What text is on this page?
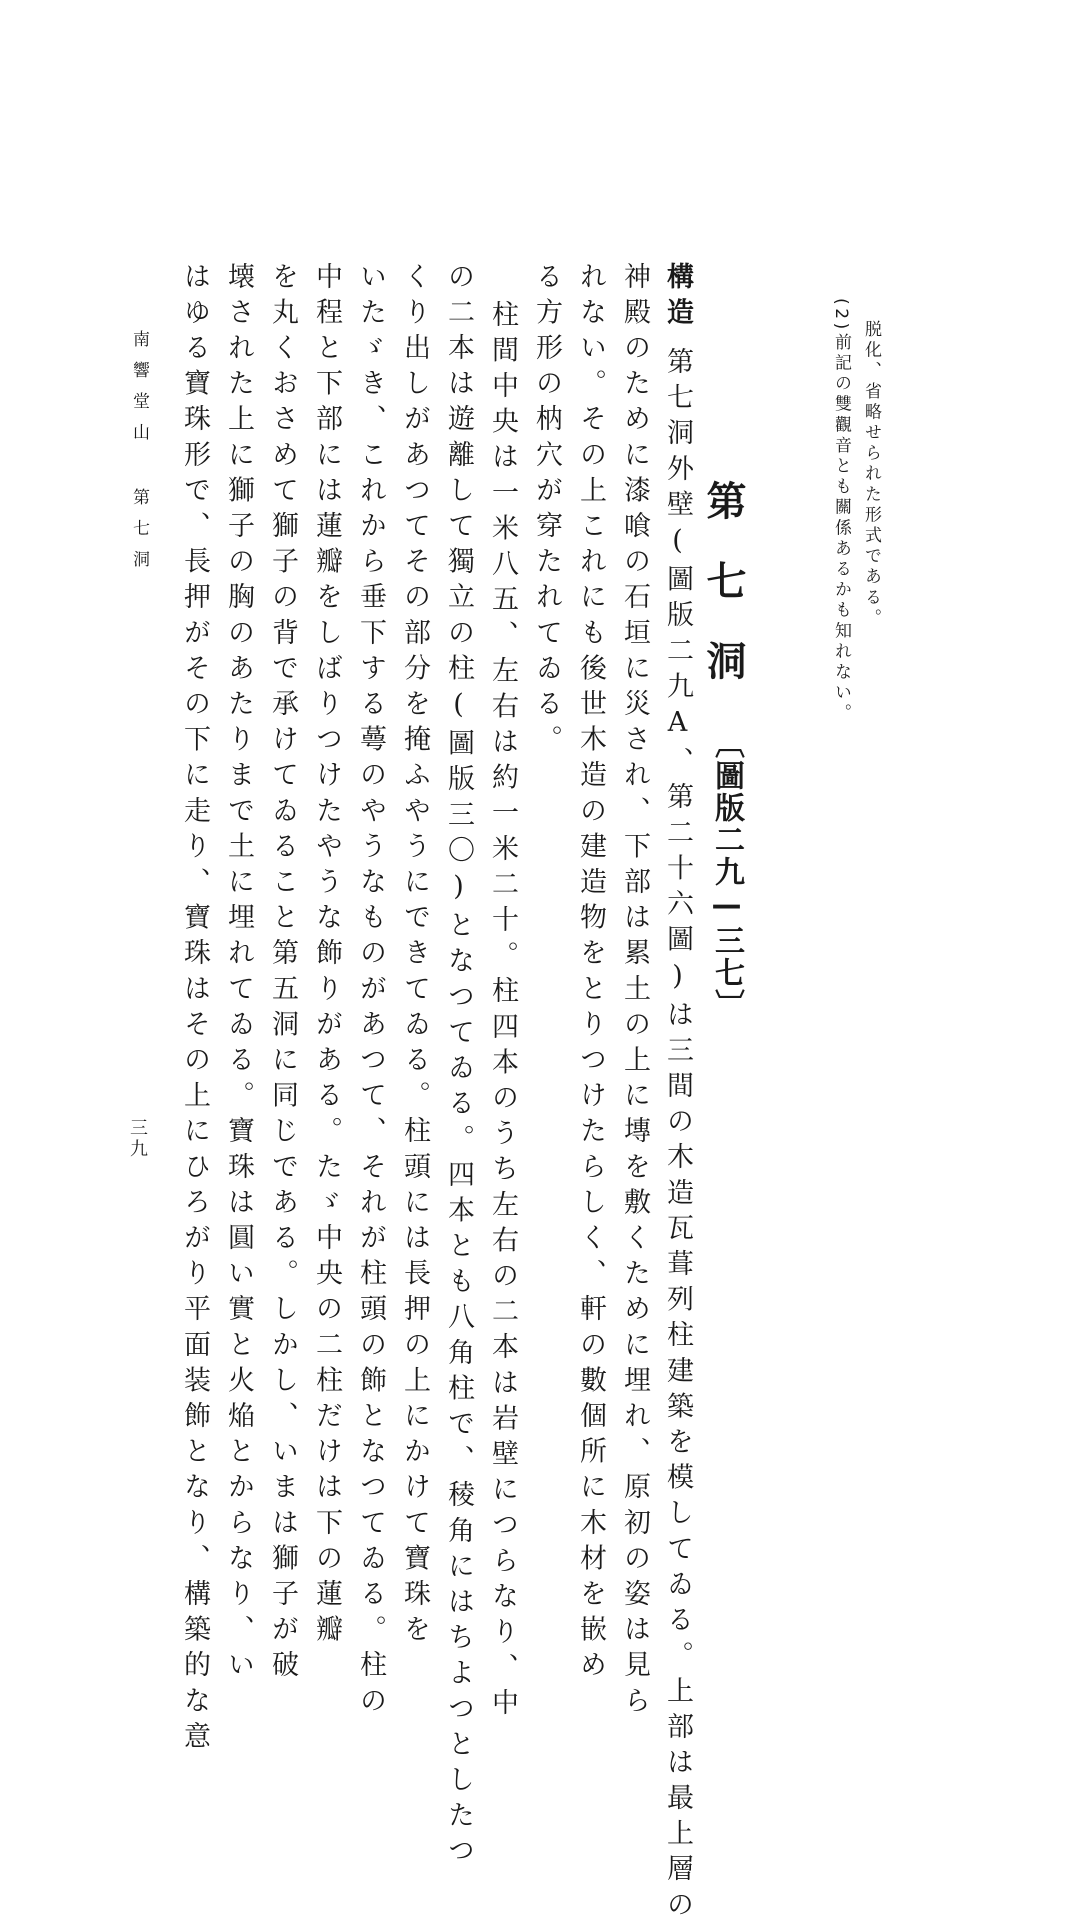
脱化、省略せられた形式である。
(2)前記の雙觀音とも關係あるかも知れない。
第七洞
〔圖版二九—三七〕
構造第七洞外壁(圖版二九A、第二十六圖)は三間の木造瓦葺列柱建築を模してゐる。上部は最上層の
神殿のために漆喰の石垣に災され、下部は累土の上に塼を敷くために埋れ、原初の姿は見ら
れない。その上これにも後世木造の建造物をとりつけたらしく、軒の數個所に木材を嵌め
る方形の枘穴が穿たれてゐる。
柱間中央は一米八五、左右は約一米二十。柱四本のうち左右の二本は岩壁につらなり、中
の二本は遊離して獨立の柱(圖版三〇)となつてゐる。四本とも八角柱で、稜角にはちよつとしたつ
くり出しがあつてその部分を掩ふやうにできてゐる。柱頭には長押の上にかけて寶珠を
いたゞき、これから垂下する蕚のやうなものがあつて、それが柱頭の飾となつてゐる。柱の
中程と下部には蓮瓣をしばりつけたやうな飾りがある。たゞ中央の二柱だけは下の蓮瓣
を丸くおさめて獅子の背で承けてゐること第五洞に同じである。しかし、いまは獅子が破
壊された上に獅子の胸のあたりまで土に埋れてゐる。寶珠は圓い實と火焔とからなり、い
はゆる寶珠形で、長押がその下に走り、寶珠はその上にひろがり平面装飾となり、構築的な意
南響堂山 第七洞
三九
